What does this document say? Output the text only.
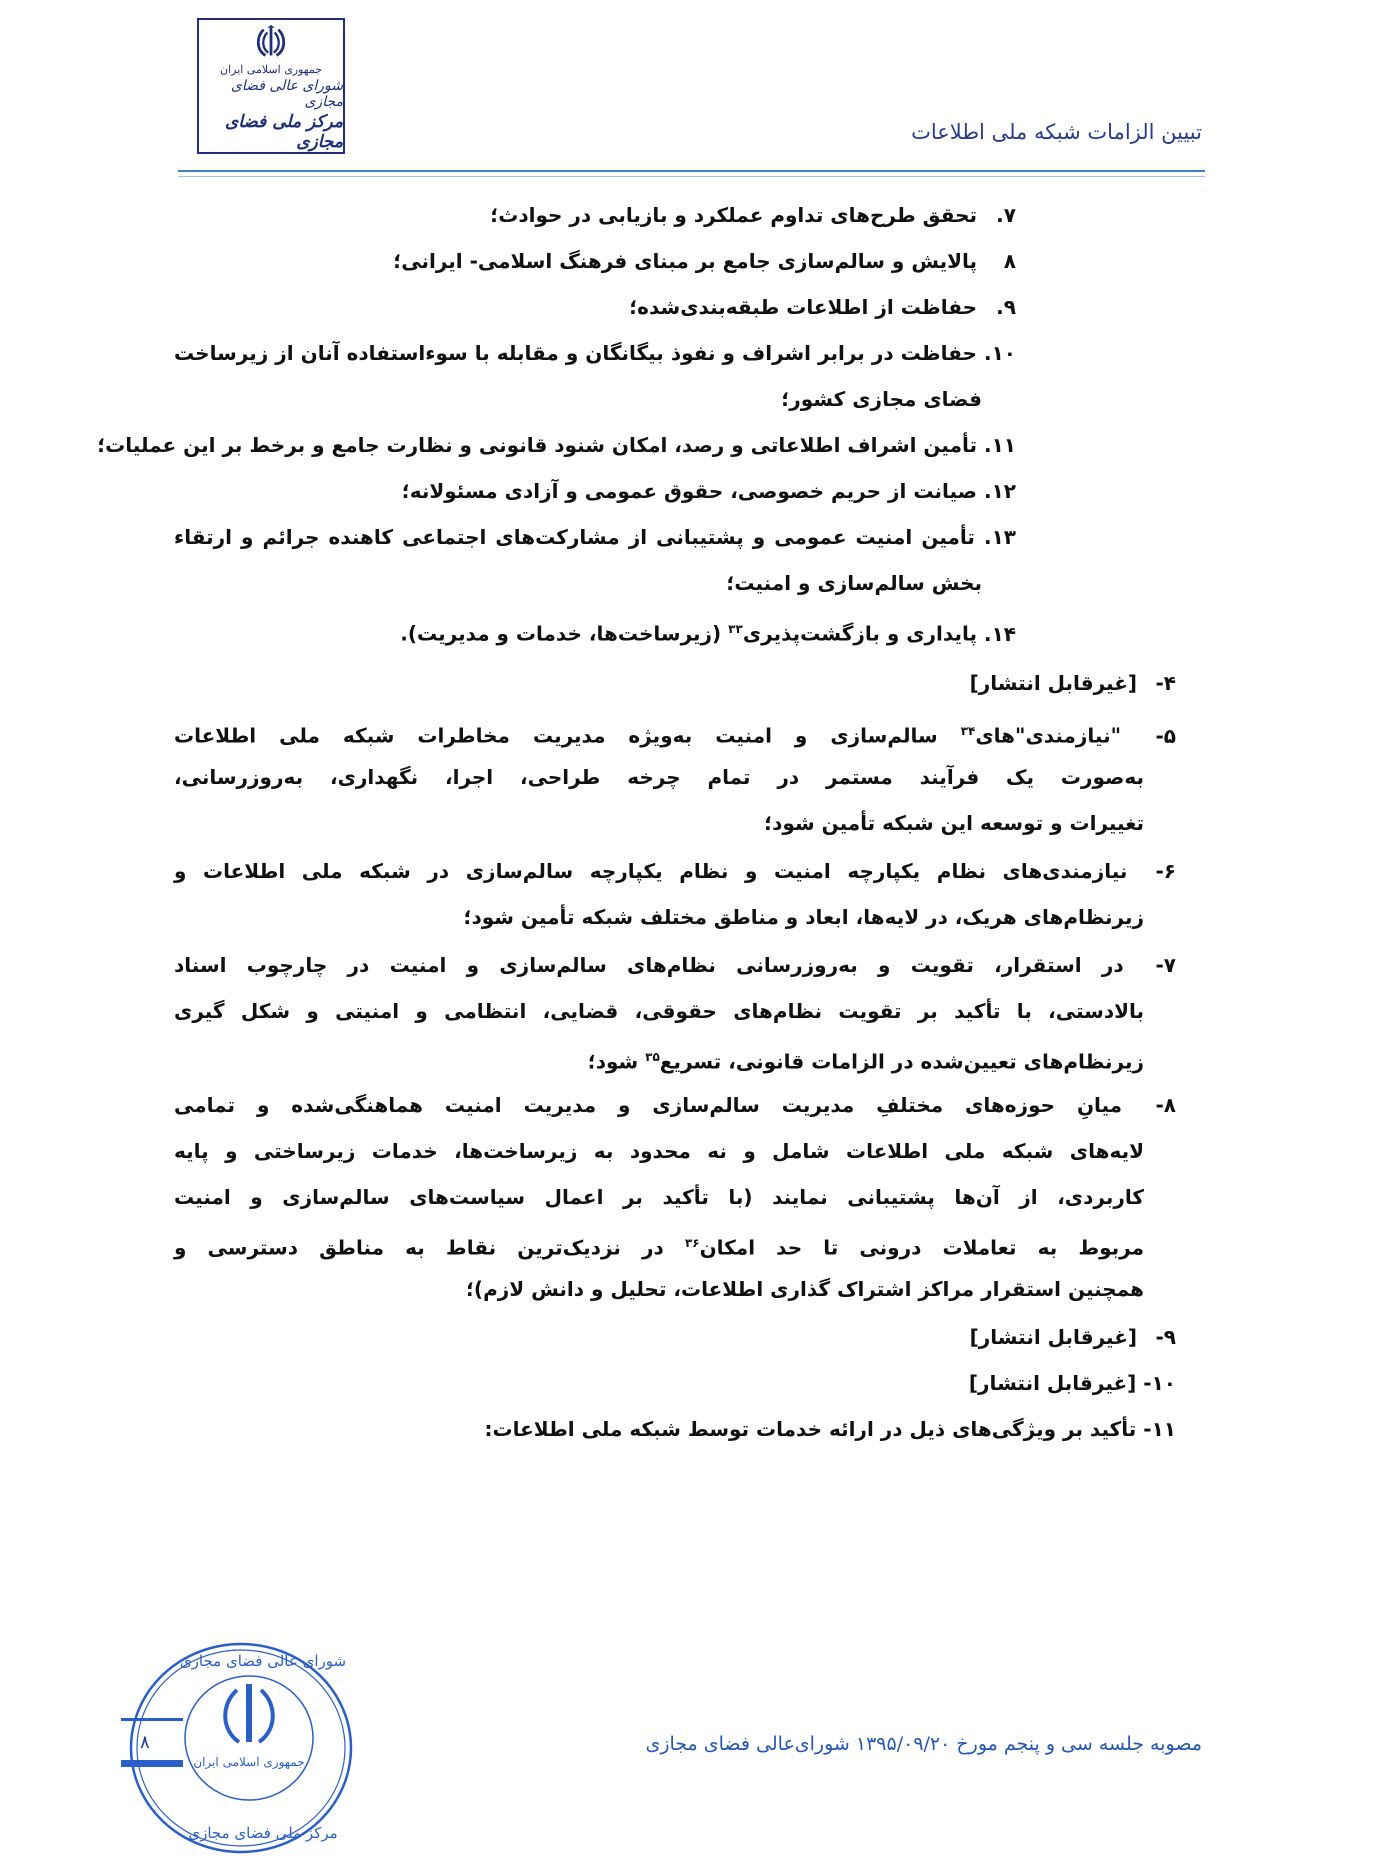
جمهوری اسلامی ایران
شورای عالی فضای مجازی
مرکز ملی فضای مجازی	تبیین الزامات شبکه ملی اطلاعات
۷. تحقق طرح‌های تداوم عملکرد و بازیابی در حوادث؛
۸ پالایش و سالم‌سازی جامع بر مبنای فرهنگ اسلامی- ایرانی؛
۹. حفاظت از اطلاعات طبقه‌بندی‌شده؛
۱۰. حفاظت در برابر اشراف و نفوذ بیگانگان و مقابله با سوءاستفاده آنان از زیرساخت
فضای مجازی کشور؛
۱۱. تأمین اشراف اطلاعاتی و رصد، امکان شنود قانونی و نظارت جامع و برخط بر این عملیات؛
۱۲. صیانت از حریم خصوصی، حقوق عمومی و آزادی مسئولانه؛
۱۳. تأمین امنیت عمومی و پشتیبانی از مشارکت‌های اجتماعی کاهنده جرائم و ارتقاء
بخش سالم‌سازی و امنیت؛
۱۴. پایداری و بازگشت‌پذیری$^{۳۳}$ (زیرساخت‌ها، خدمات و مدیریت).
۴- [غیرقابل انتشار]
۵- "نیازمندی"های$^{۳۴}$ سالم‌سازی و امنیت به‌ویژه مدیریت مخاطرات شبکه ملی اطلاعات
به‌صورت یک فرآیند مستمر در تمام چرخه طراحی، اجرا، نگهداری، به‌روزرسانی،
تغییرات و توسعه این شبکه تأمین شود؛
۶- نیازمندی‌های نظام یکپارچه امنیت و نظام یکپارچه سالم‌سازی در شبکه ملی اطلاعات و
زیرنظام‌های هریک، در لایه‌ها، ابعاد و مناطق مختلف شبکه تأمین شود؛
۷- در استقرار، تقویت و به‌روزرسانی نظام‌های سالم‌سازی و امنیت در چارچوب اسناد
بالادستی، با تأکید بر تقویت نظام‌های حقوقی، قضایی، انتظامی و امنیتی و شکل گیری
زیرنظام‌های تعیین‌شده در الزامات قانونی، تسریع$^{۳۵}$ شود؛
۸- میانِ حوزه‌های مختلفِ مدیریت سالم‌سازی و مدیریت امنیت هماهنگی‌شده و تمامی
لایه‌های شبکه ملی اطلاعات شامل و نه محدود به زیرساخت‌ها، خدمات زیرساختی و پایه
کاربردی، از آن‌ها پشتیبانی نمایند (با تأکید بر اعمال سیاست‌های سالم‌سازی و امنیت
مربوط به تعاملات درونی تا حد امکان$^{۳۶}$ در نزدیک‌ترین نقاط به مناطق دسترسی و
همچنین استقرار مراکز اشتراک گذاری اطلاعات، تحلیل و دانش لازم)؛
۹- [غیرقابل انتشار]
۱۰- [غیرقابل انتشار]
۱۱- تأکید بر ویژگی‌های ذیل در ارائه خدمات توسط شبکه ملی اطلاعات:
جمهوری اسلامی ایران
شورای عالی فضای مجازی
مرکز ملی فضای مجازی
۸	مصوبه جلسه سی و پنجم مورخ ۱۳۹۵/۰۹/۲۰ شورای‌عالی فضای مجازی
